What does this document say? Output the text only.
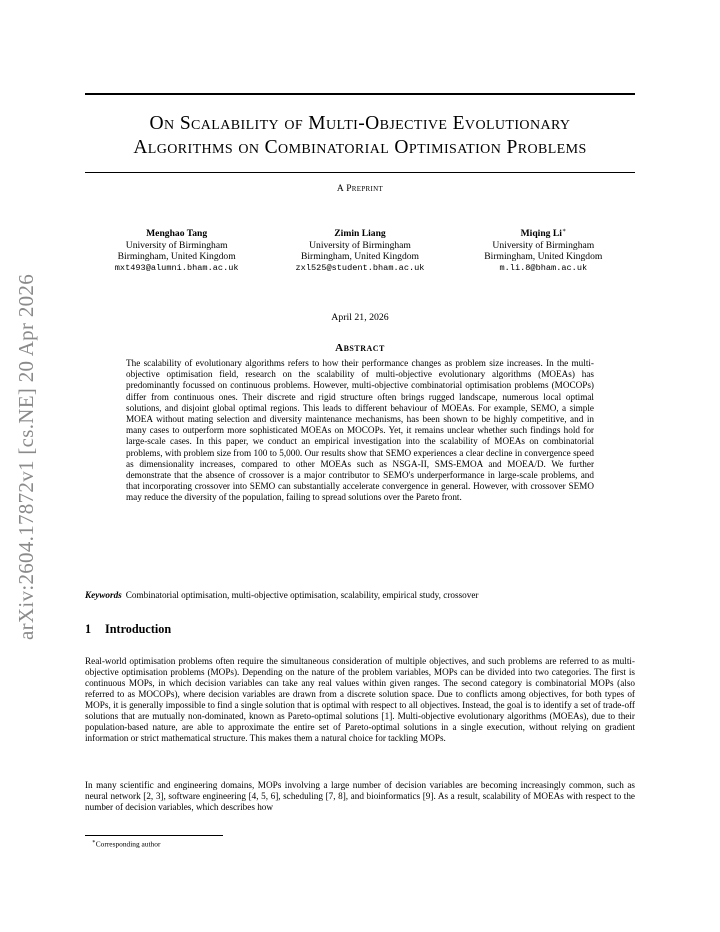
arXiv:2604.17872v1 [cs.NE] 20 Apr 2026
On Scalability of Multi-Objective Evolutionary
Algorithms on Combinatorial Optimisation Problems
A Preprint
Menghao Tang
University of Birmingham
Birmingham, United Kingdom
mxt493@alumni.bham.ac.uk
Zimin Liang
University of Birmingham
Birmingham, United Kingdom
zxl525@student.bham.ac.uk
Miqing Li∗
University of Birmingham
Birmingham, United Kingdom
m.li.8@bham.ac.uk
April 21, 2026
Abstract
The scalability of evolutionary algorithms refers to how their performance changes as problem size increases. In the multi-objective optimisation field, research on the scalability of multi-objective evolutionary algorithms (MOEAs) has predominantly focussed on continuous problems. However, multi-objective combinatorial optimisation problems (MOCOPs) differ from continuous ones. Their discrete and rigid structure often brings rugged landscape, numerous local optimal solutions, and disjoint global optimal regions. This leads to different behaviour of MOEAs. For example, SEMO, a simple MOEA without mating selection and diversity maintenance mechanisms, has been shown to be highly competitive, and in many cases to outperform more sophisticated MOEAs on MOCOPs. Yet, it remains unclear whether such findings hold for large-scale cases. In this paper, we conduct an empirical investigation into the scalability of MOEAs on combinatorial problems, with problem size from 100 to 5,000. Our results show that SEMO experiences a clear decline in convergence speed as dimensionality increases, compared to other MOEAs such as NSGA-II, SMS-EMOA and MOEA/D. We further demonstrate that the absence of crossover is a major contributor to SEMO's underperformance in large-scale problems, and that incorporating crossover into SEMO can substantially accelerate convergence in general. However, with crossover SEMO may reduce the diversity of the population, failing to spread solutions over the Pareto front.
Keywords Combinatorial optimisation, multi-objective optimisation, scalability, empirical study, crossover
1 Introduction
Real-world optimisation problems often require the simultaneous consideration of multiple objectives, and such problems are referred to as multi-objective optimisation problems (MOPs). Depending on the nature of the problem variables, MOPs can be divided into two categories. The first is continuous MOPs, in which decision variables can take any real values within given ranges. The second category is combinatorial MOPs (also referred to as MOCOPs), where decision variables are drawn from a discrete solution space. Due to conflicts among objectives, for both types of MOPs, it is generally impossible to find a single solution that is optimal with respect to all objectives. Instead, the goal is to identify a set of trade-off solutions that are mutually non-dominated, known as Pareto-optimal solutions [1]. Multi-objective evolutionary algorithms (MOEAs), due to their population-based nature, are able to approximate the entire set of Pareto-optimal solutions in a single execution, without relying on gradient information or strict mathematical structure. This makes them a natural choice for tackling MOPs.
In many scientific and engineering domains, MOPs involving a large number of decision variables are becoming increasingly common, such as neural network [2, 3], software engineering [4, 5, 6], scheduling [7, 8], and bioinformatics [9]. As a result, scalability of MOEAs with respect to the number of decision variables, which describes how
∗Corresponding author
